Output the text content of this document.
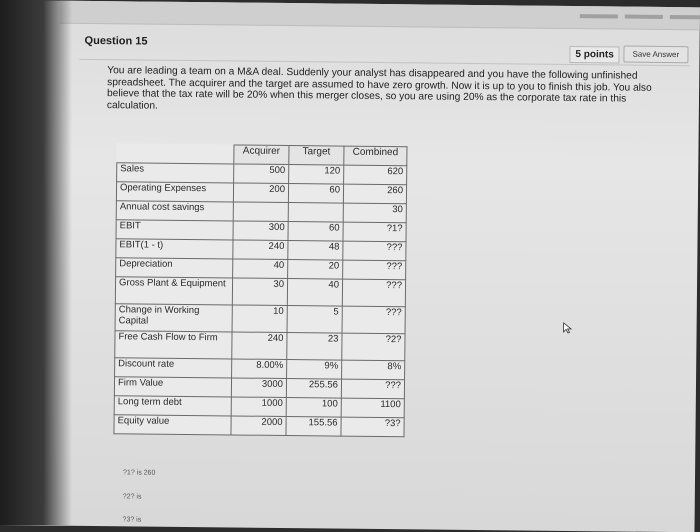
Question 15
5 points	Save Answer
You are leading a team on a M&A deal. Suddenly your analyst has disappeared and you have the following unfinished spreadsheet. The acquirer and the target are assumed to have zero growth. Now it is up to you to finish this job. You also believe that the tax rate will be 20% when this merger closes, so you are using 20% as the corporate tax rate in this calculation.
	Acquirer	Target	Combined
Sales	500	120	620
Operating Expenses	200	60	260
Annual cost savings			30
EBIT	300	60	?1?
EBIT(1 - t)	240	48	???
Depreciation	40	20	???
Gross Plant & Equipment	30	40	???
Change in Working Capital	10	5	???
Free Cash Flow to Firm	240	23	?2?
Discount rate	8.00%	9%	8%
Firm Value	3000	255.56	???
Long term debt	1000	100	1100
Equity value	2000	155.56	?3?
?1? is 260
?2? is
?3? is
